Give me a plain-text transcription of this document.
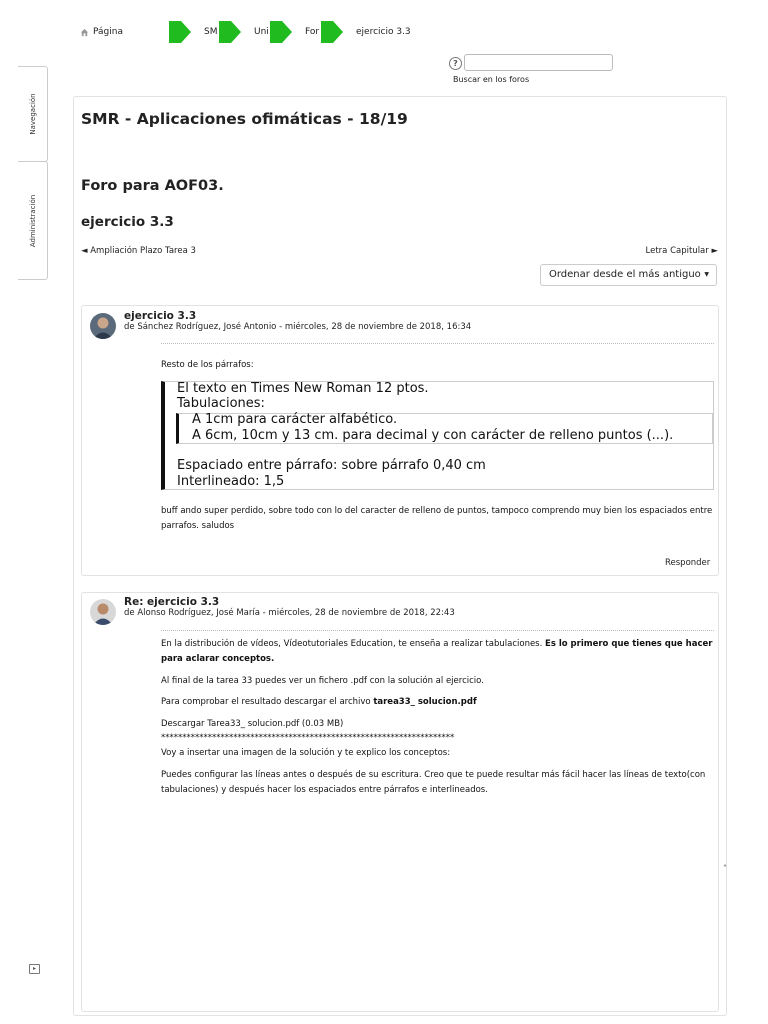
Página	SM	Uni	For	ejercicio 3.3
?
Buscar en los foros
Navegación
Administración
SMR - Aplicaciones ofimáticas - 18/19
Foro para AOF03.
ejercicio 3.3
◄ Ampliación Plazo Tarea 3	Letra Capitular ►
Ordenar desde el más antiguo ▼
ejercicio 3.3
de Sánchez Rodríguez, José Antonio - miércoles, 28 de noviembre de 2018, 16:34
Resto de los párrafos:
El texto en Times New Roman 12 ptos.
Tabulaciones:
A 1cm para carácter alfabético.
A 6cm, 10cm y 13 cm. para decimal y con carácter de relleno puntos (...).
Espaciado entre párrafo: sobre párrafo 0,40 cm
Interlineado: 1,5
buff ando super perdido, sobre todo con lo del caracter de relleno de puntos, tampoco comprendo muy bien los espaciados entre parrafos. saludos
Responder
Re: ejercicio 3.3
de Alonso Rodríguez, José María - miércoles, 28 de noviembre de 2018, 22:43
En la distribución de vídeos, Vídeotutoriales Education, te enseña a realizar tabulaciones. Es lo primero que tienes que hacer para aclarar conceptos.
Al final de la tarea 33 puedes ver un fichero .pdf con la solución al ejercicio.
Para comprobar el resultado descargar el archivo tarea33_ solucion.pdf
Descargar Tarea33_ solucion.pdf (0.03 MB)
*********************************************************************
Voy a insertar una imagen de la solución y te explico los conceptos:
Puedes configurar las líneas antes o después de su escritura. Creo que te puede resultar más fácil hacer las líneas de texto(con tabulaciones) y después hacer los espaciados entre párrafos e interlineados.
˄
▸
